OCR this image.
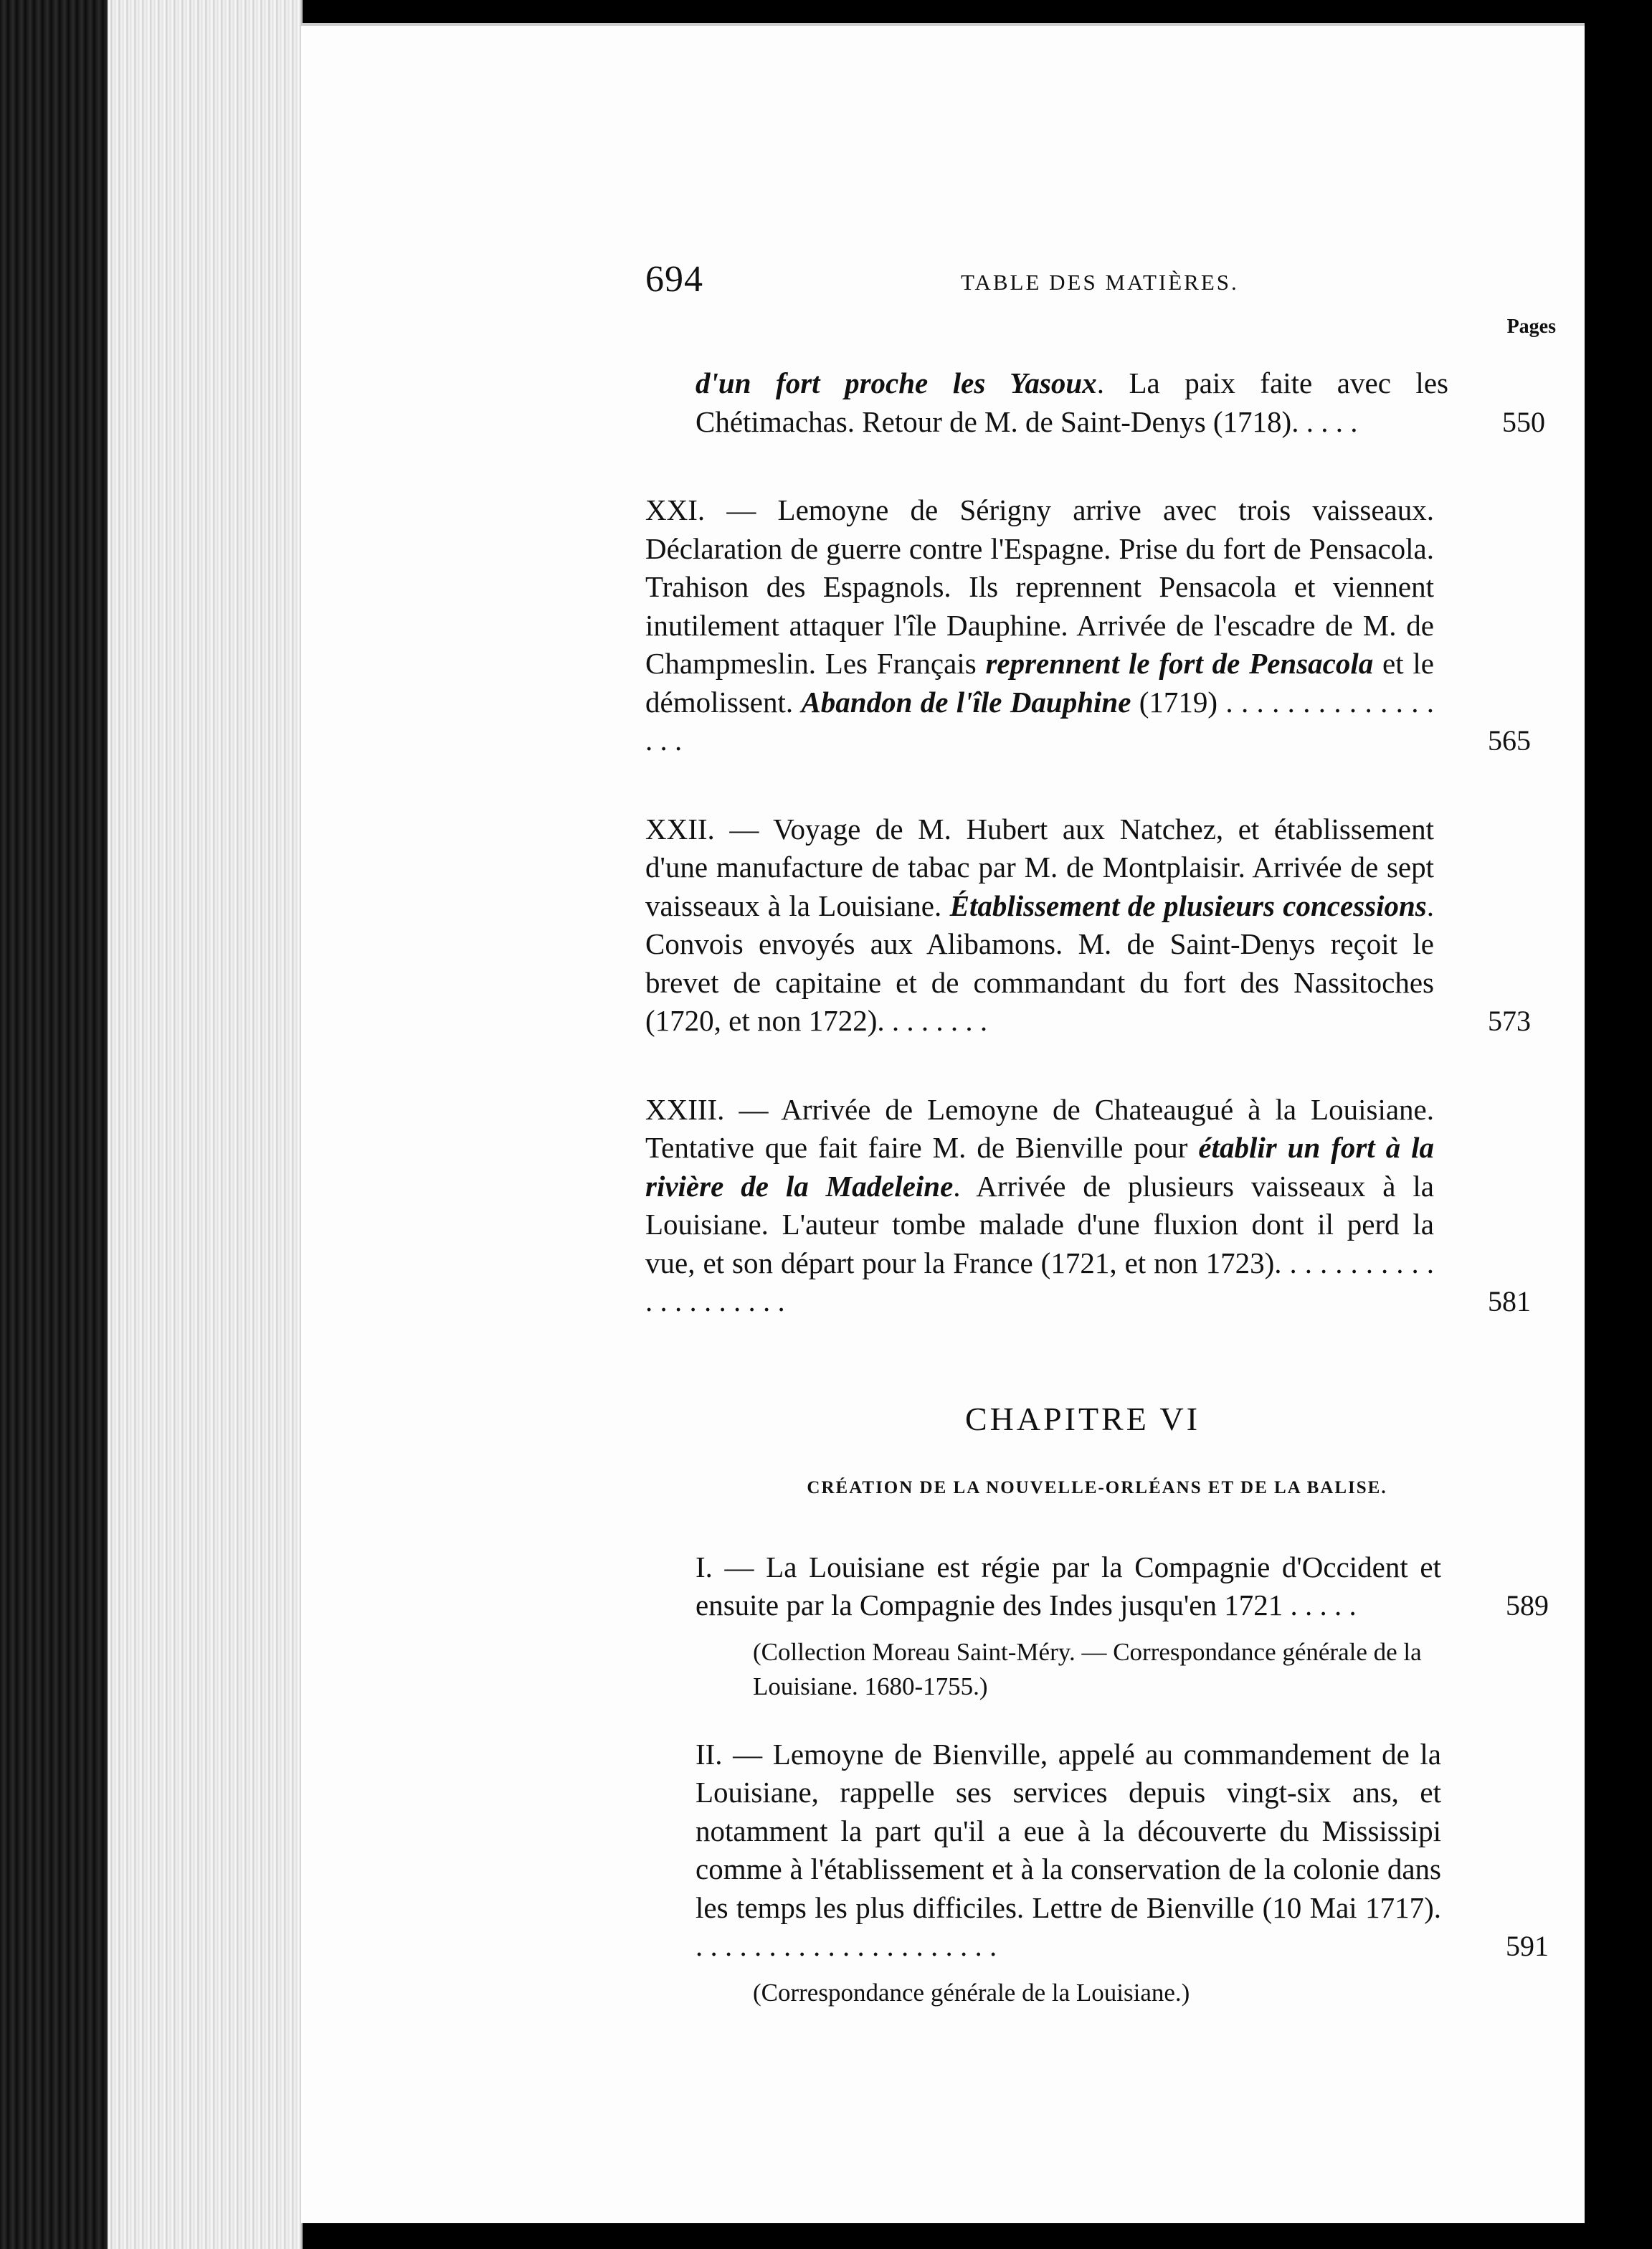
694	TABLE DES MATIÈRES.
Pages
d'un fort proche les Yasoux. La paix faite avec les Chétimachas. Retour de M. de Saint-Denys (1718). . . . .	550
XXI. — Lemoyne de Sérigny arrive avec trois vaisseaux. Déclaration de guerre contre l'Espagne. Prise du fort de Pensacola. Trahison des Espagnols. Ils reprennent Pensacola et viennent inutilement attaquer l'île Dauphine. Arrivée de l'escadre de M. de Champmeslin. Les Français reprennent le fort de Pensacola et le démolissent. Abandon de l'île Dauphine (1719) . . . . . . . . . . . . . . . . .	565
XXII. — Voyage de M. Hubert aux Natchez, et établissement d'une manufacture de tabac par M. de Montplaisir. Arrivée de sept vaisseaux à la Louisiane. Établissement de plusieurs concessions. Convois envoyés aux Alibamons. M. de Saint-Denys reçoit le brevet de capitaine et de commandant du fort des Nassitoches (1720, et non 1722). . . . . . . .	573
XXIII. — Arrivée de Lemoyne de Chateaugué à la Louisiane. Tentative que fait faire M. de Bienville pour établir un fort à la rivière de la Madeleine. Arrivée de plusieurs vaisseaux à la Louisiane. L'auteur tombe malade d'une fluxion dont il perd la vue, et son départ pour la France (1721, et non 1723). . . . . . . . . . . . . . . . . . . . .	581
CHAPITRE VI
CRÉATION DE LA NOUVELLE-ORLÉANS ET DE LA BALISE.
I. — La Louisiane est régie par la Compagnie d'Occident et ensuite par la Compagnie des Indes jusqu'en 1721 . . . . .	589
(Collection Moreau Saint-Méry. — Correspondance générale de la Louisiane. 1680-1755.)
II. — Lemoyne de Bienville, appelé au commandement de la Louisiane, rappelle ses services depuis vingt-six ans, et notamment la part qu'il a eue à la découverte du Mississipi comme à l'établissement et à la conservation de la colonie dans les temps les plus difficiles. Lettre de Bienville (10 Mai 1717). . . . . . . . . . . . . . . . . . . . . .	591
(Correspondance générale de la Louisiane.)
